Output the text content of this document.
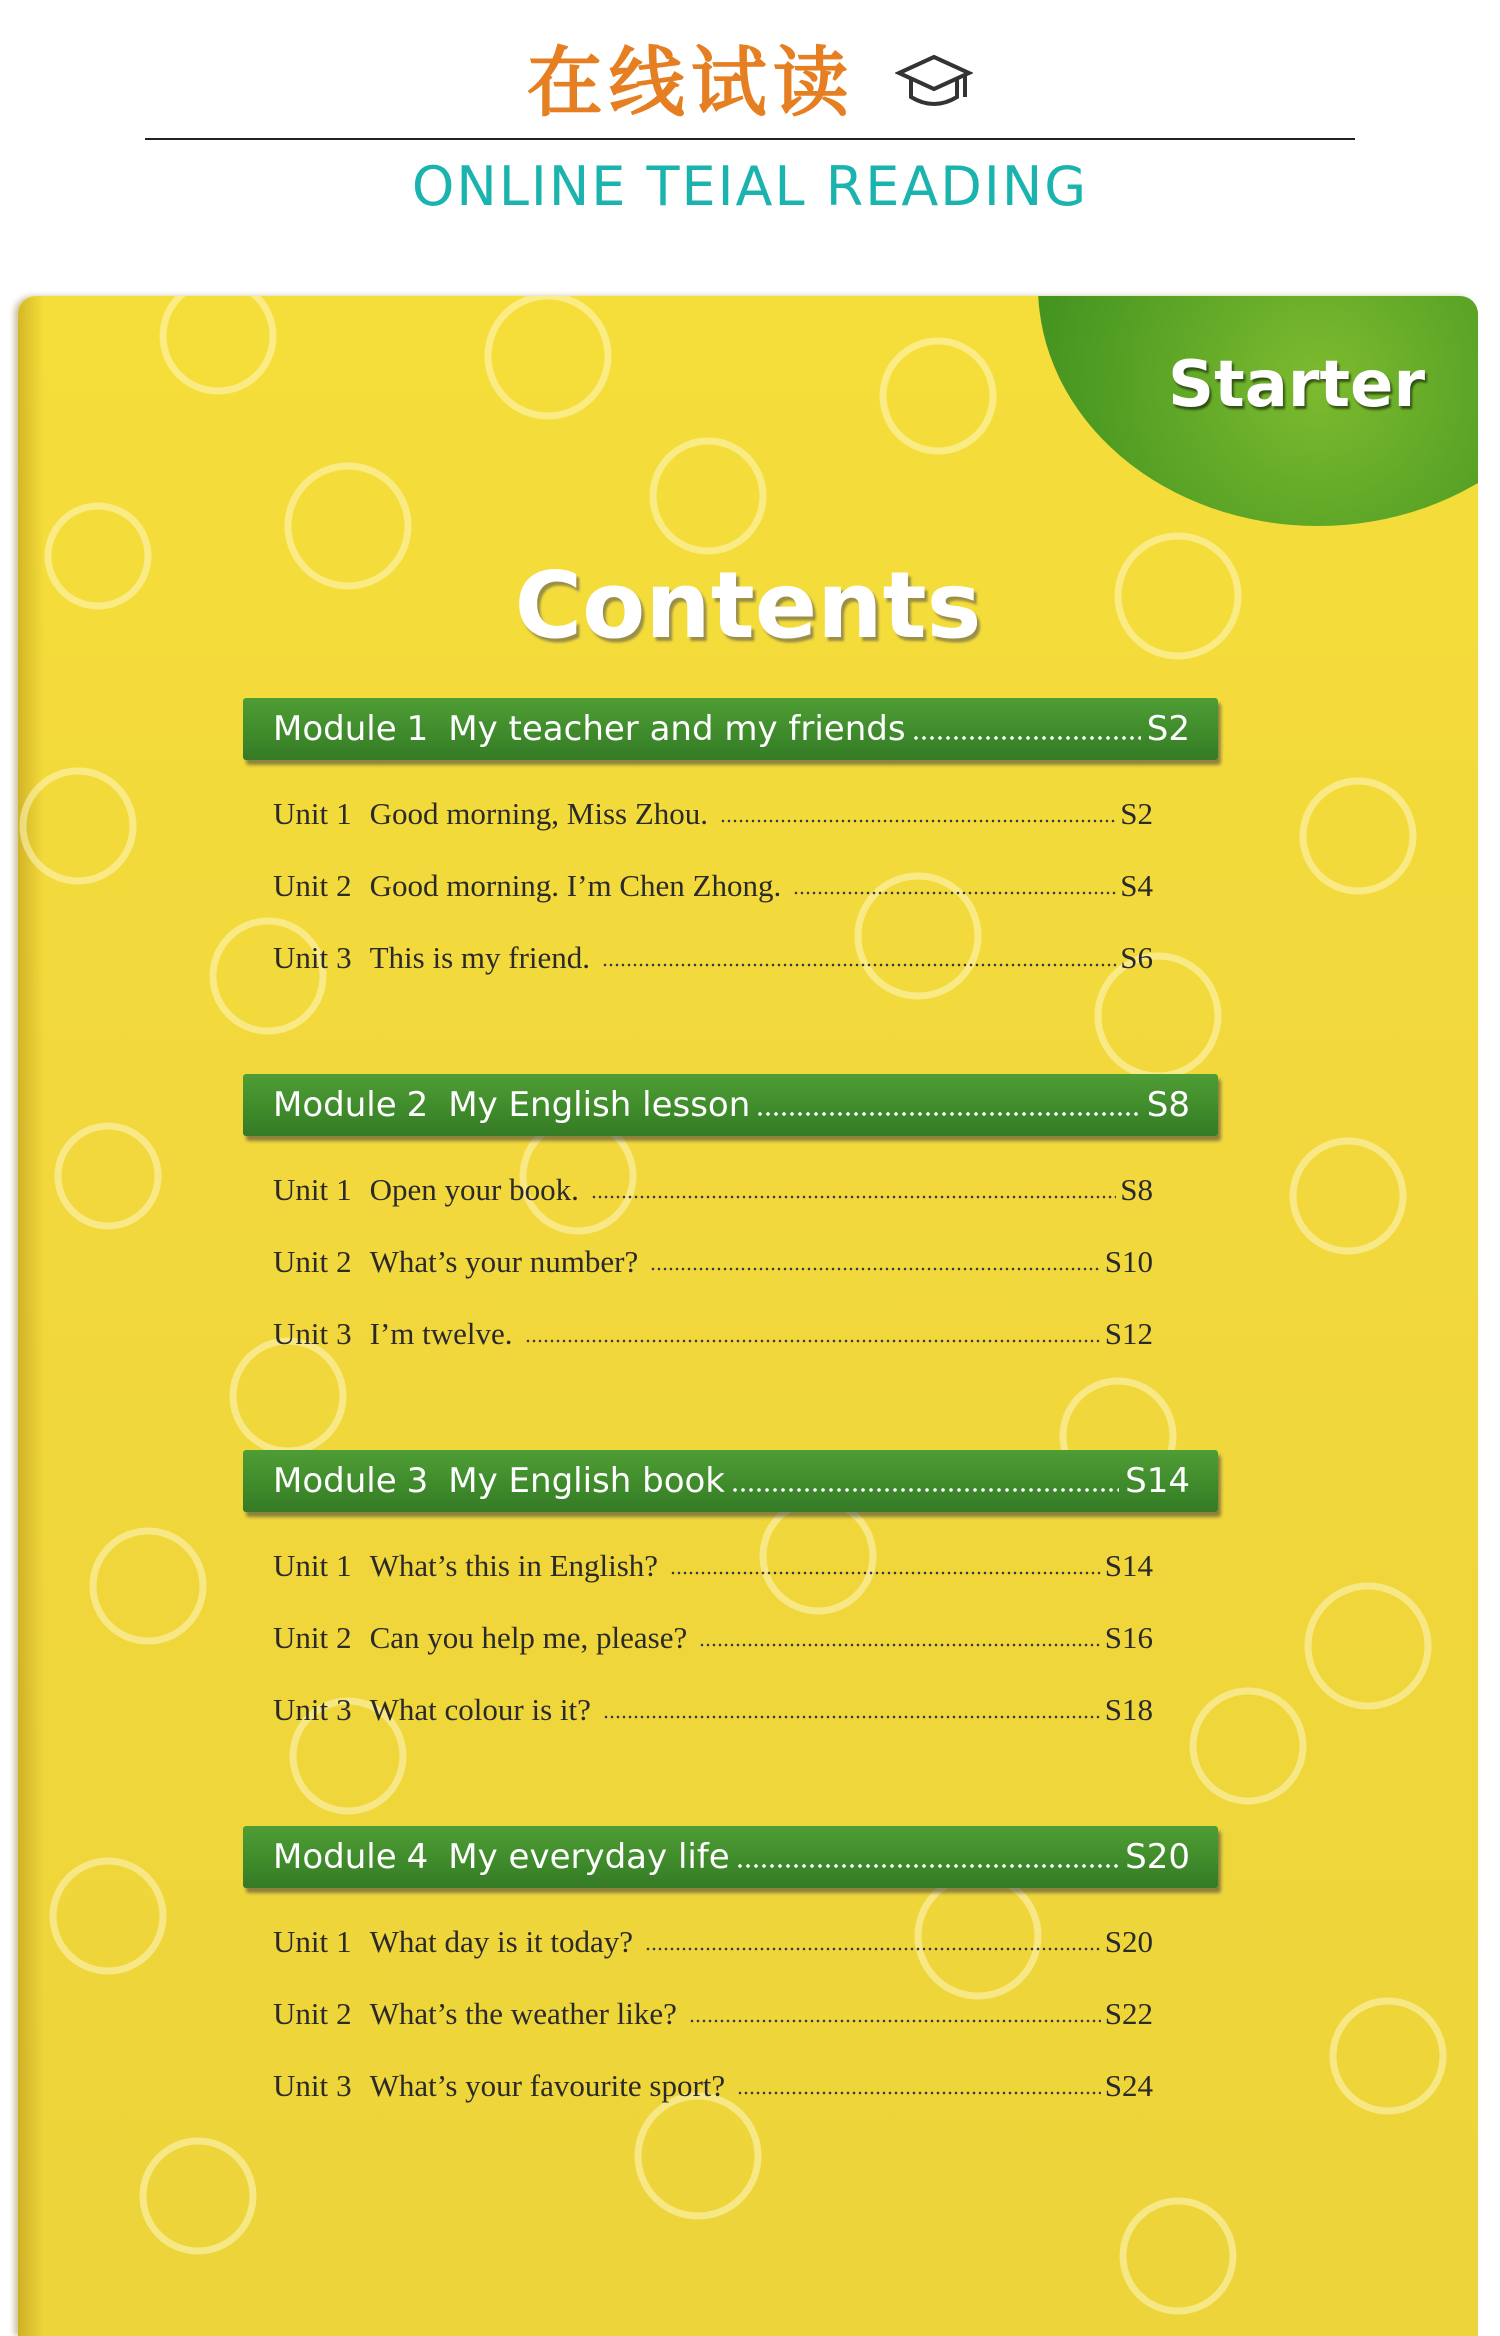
在线试读
ONLINE TEIAL READING
Starter
Contents
Module 1 My teacher and my friends	S2
Unit 1 Good morning, Miss Zhou.	S2
Unit 2 Good morning. I’m Chen Zhong.	S4
Unit 3 This is my friend.	S6
Module 2 My English lesson	S8
Unit 1 Open your book.	S8
Unit 2 What’s your number?	S10
Unit 3 I’m twelve.	S12
Module 3 My English book	S14
Unit 1 What’s this in English?	S14
Unit 2 Can you help me, please?	S16
Unit 3 What colour is it?	S18
Module 4 My everyday life	S20
Unit 1 What day is it today?	S20
Unit 2 What’s the weather like?	S22
Unit 3 What’s your favourite sport?	S24
